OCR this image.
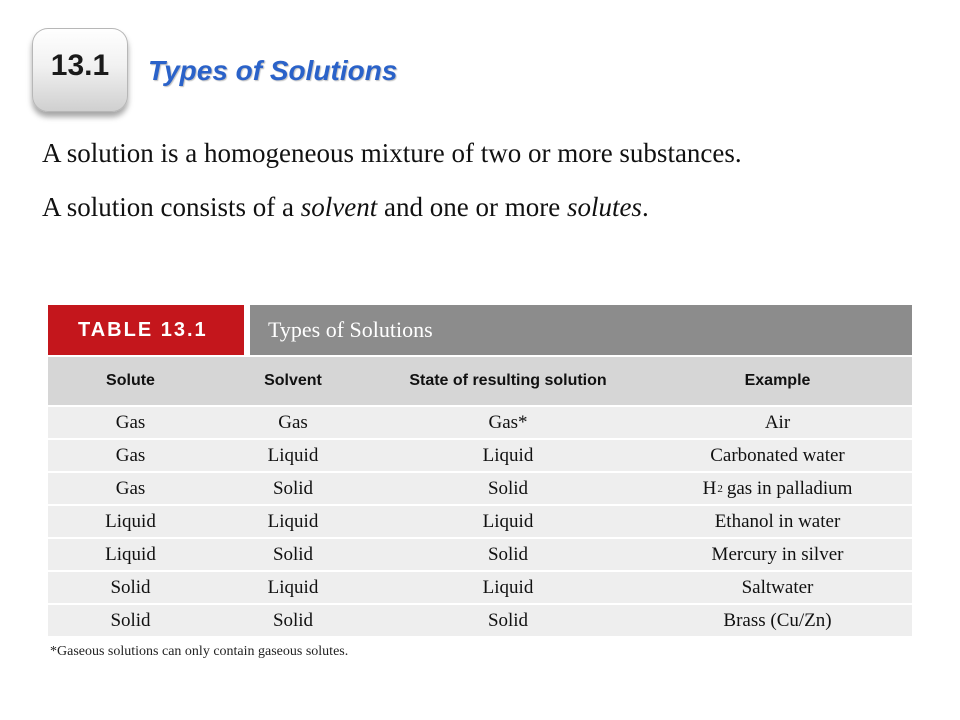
13.1 Types of Solutions
A solution is a homogeneous mixture of two or more substances.
A solution consists of a solvent and one or more solutes.
TABLE 13.1	Types of Solutions
Solute	Solvent	State of resulting solution	Example
Gas	Gas	Gas*	Air
Gas	Liquid	Liquid	Carbonated water
Gas	Solid	Solid	H 2 gas in palladium
Liquid	Liquid	Liquid	Ethanol in water
Liquid	Solid	Solid	Mercury in silver
Solid	Liquid	Liquid	Saltwater
Solid	Solid	Solid	Brass (Cu/Zn)
*Gaseous solutions can only contain gaseous solutes.
